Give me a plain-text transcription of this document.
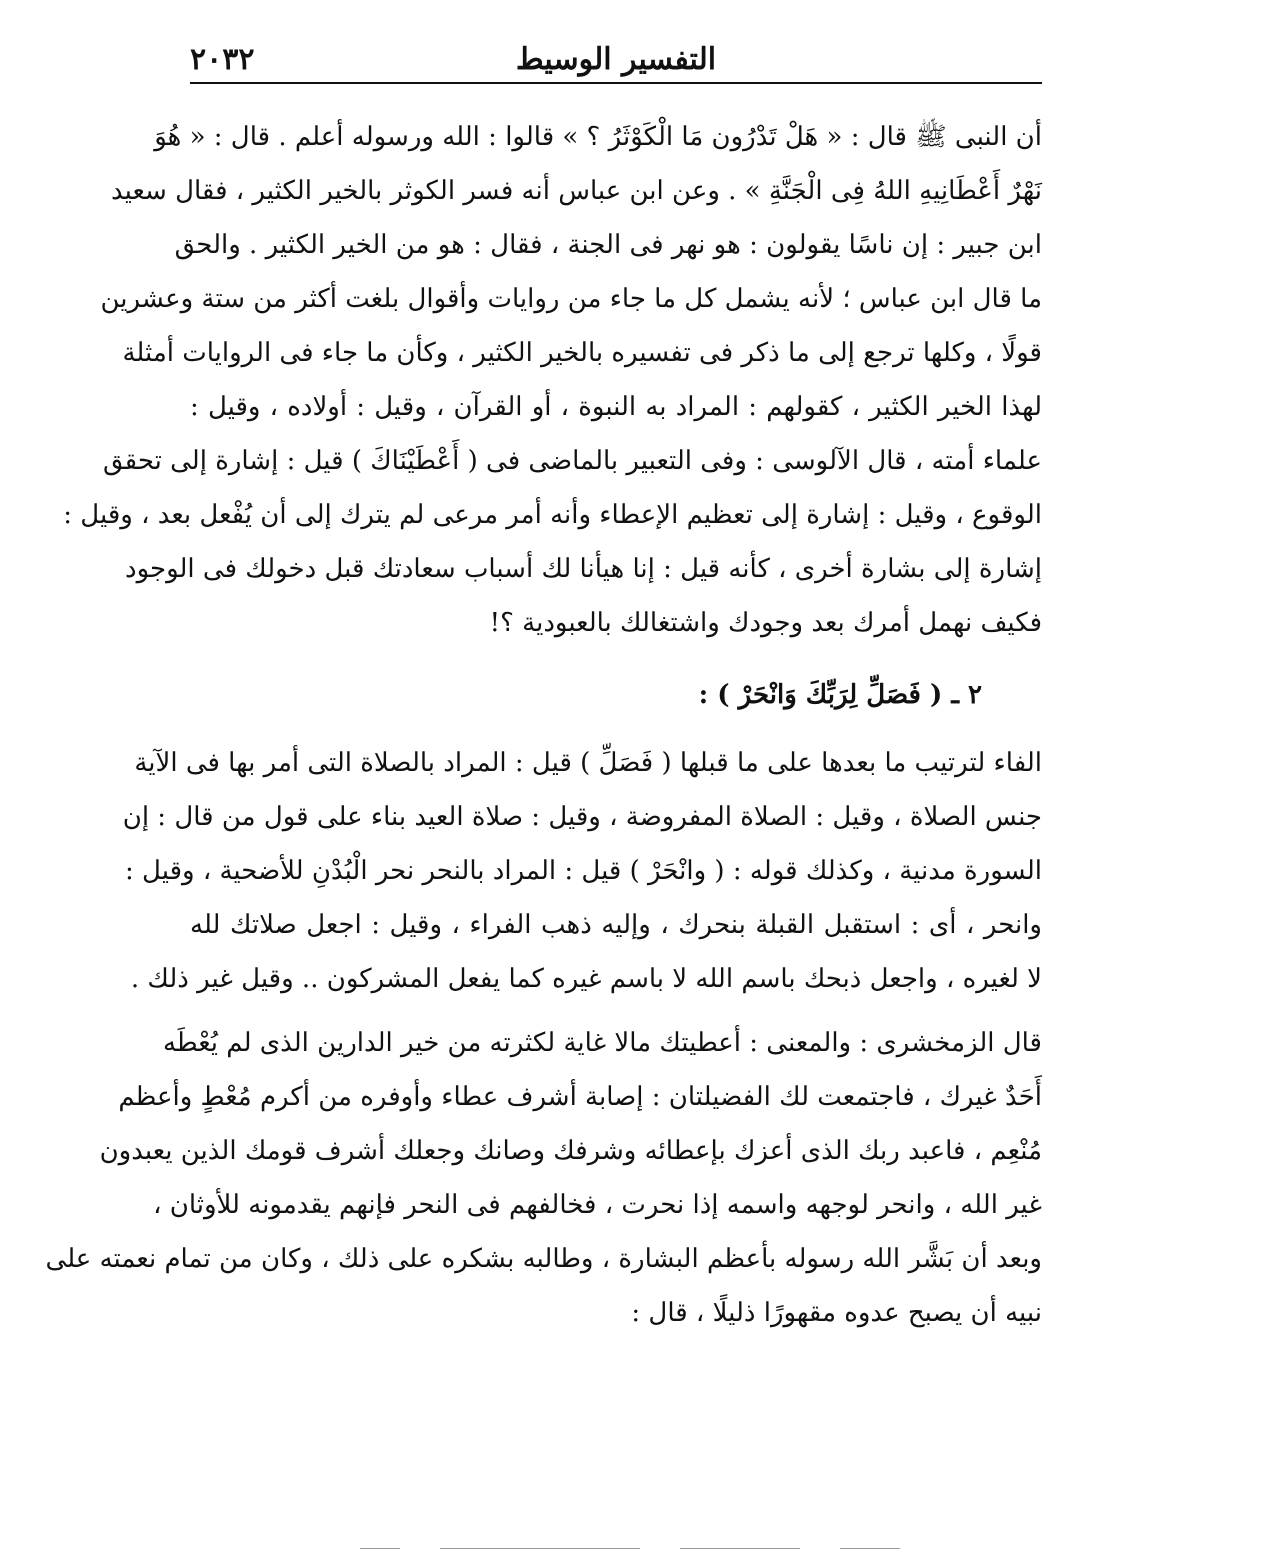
٢٠٣٢	التفسير الوسيط

أن النبى ﷺ قال : « هَلْ تَدْرُون مَا الْكَوْثَرُ ؟ » قالوا : الله ورسوله أعلم . قال : « هُوَ

نَهْرٌ أَعْطَانِيهِ اللهُ فِى الْجَنَّةِ » . وعن ابن عباس أنه فسر الكوثر بالخير الكثير ، فقال سعيد

ابن جبير : إن ناسًا يقولون : هو نهر فى الجنة ، فقال : هو من الخير الكثير . والحق

ما قال ابن عباس ؛ لأنه يشمل كل ما جاء من روايات وأقوال بلغت أكثر من ستة وعشرين

قولًا ، وكلها ترجع إلى ما ذكر فى تفسيره بالخير الكثير ، وكأن ما جاء فى الروايات أمثلة

لهذا الخير الكثير ، كقولهم : المراد به النبوة ، أو القرآن ، وقيل : أولاده ، وقيل :

علماء أمته ، قال الآلوسى : وفى التعبير بالماضى فى ( أَعْطَيْنَاكَ ) قيل : إشارة إلى تحقق

الوقوع ، وقيل : إشارة إلى تعظيم الإعطاء وأنه أمر مرعى لم يترك إلى أن يُفْعل بعد ، وقيل :

إشارة إلى بشارة أخرى ، كأنه قيل : إنا هيأنا لك أسباب سعادتك قبل دخولك فى الوجود

فكيف نهمل أمرك بعد وجودك واشتغالك بالعبودية ؟!

٢ ـ ( فَصَلِّ لِرَبِّكَ وَانْحَرْ ) :

الفاء لترتيب ما بعدها على ما قبلها ( فَصَلِّ ) قيل : المراد بالصلاة التى أمر بها فى الآية

جنس الصلاة ، وقيل : الصلاة المفروضة ، وقيل : صلاة العيد بناء على قول من قال : إن

السورة مدنية ، وكذلك قوله : ( وانْحَرْ ) قيل : المراد بالنحر نحر الْبُدْنِ للأضحية ، وقيل :

وانحر ، أى : استقبل القبلة بنحرك ، وإليه ذهب الفراء ، وقيل : اجعل صلاتك لله

لا لغيره ، واجعل ذبحك باسم الله لا باسم غيره كما يفعل المشركون .. وقيل غير ذلك .

قال الزمخشرى : والمعنى : أعطيتك مالا غاية لكثرته من خير الدارين الذى لم يُعْطَه

أَحَدٌ غيرك ، فاجتمعت لك الفضيلتان : إصابة أشرف عطاء وأوفره من أكرم مُعْطٍ وأعظم

مُنْعِم ، فاعبد ربك الذى أعزك بإعطائه وشرفك وصانك وجعلك أشرف قومك الذين يعبدون

غير الله ، وانحر لوجهه واسمه إذا نحرت ، فخالفهم فى النحر فإنهم يقدمونه للأوثان ،

وبعد أن بَشَّر الله رسوله بأعظم البشارة ، وطالبه بشكره على ذلك ، وكان من تمام نعمته على

نبيه أن يصبح عدوه مقهورًا ذليلًا ، قال :
